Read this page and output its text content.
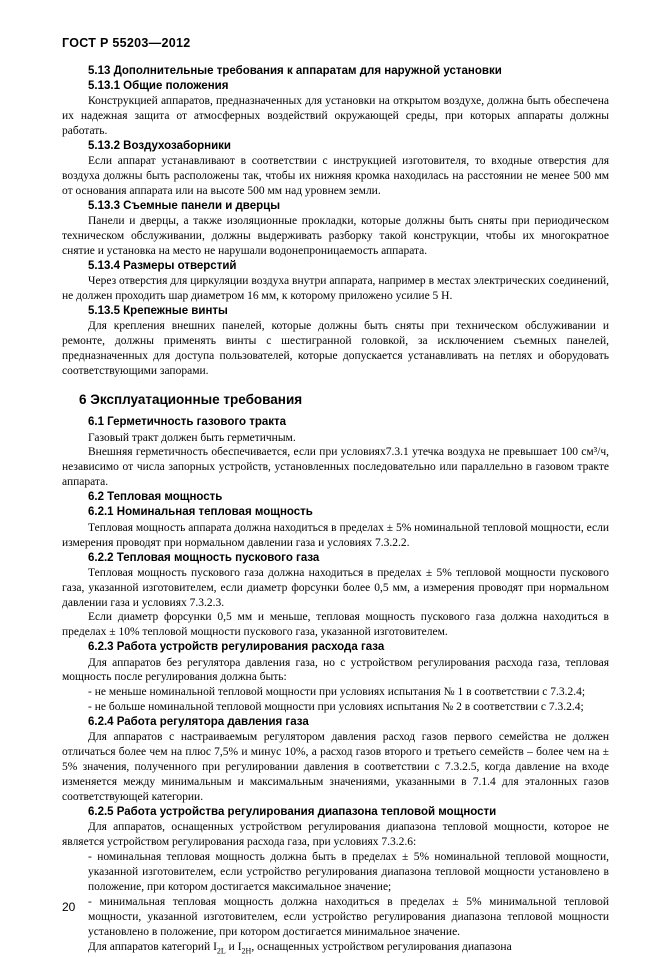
ГОСТ Р 55203—2012
5.13 Дополнительные требования к аппаратам для наружной установки
5.13.1 Общие положения

Конструкцией аппаратов, предназначенных для установки на открытом воздухе, должна быть обеспечена их надежная защита от атмосферных воздействий окружающей среды, при которых аппараты должны работать.

5.13.2 Воздухозаборники

Если аппарат устанавливают в соответствии с инструкцией изготовителя, то входные отверстия для воздуха должны быть расположены так, чтобы их нижняя кромка находилась на расстоянии не менее 500 мм от основания аппарата или на высоте 500 мм над уровнем земли.

5.13.3 Съемные панели и дверцы

Панели и дверцы, а также изоляционные прокладки, которые должны быть сняты при периодическом техническом обслуживании, должны выдерживать разборку такой конструкции, чтобы их многократное снятие и установка на место не нарушали водонепроницаемость аппарата.

5.13.4 Размеры отверстий

Через отверстия для циркуляции воздуха внутри аппарата, например в местах электрических соединений, не должен проходить шар диаметром 16 мм, к которому приложено усилие 5 Н.

5.13.5 Крепежные винты

Для крепления внешних панелей, которые должны быть сняты при техническом обслуживании и ремонте, должны применять винты с шестигранной головкой, за исключением съемных панелей, предназначенных для доступа пользователей, которые допускается устанавливать на петлях и оборудовать соответствующими запорами.

6 Эксплуатационные требования
6.1 Герметичность газового тракта

Газовый тракт должен быть герметичным.

Внешняя герметичность обеспечивается, если при условиях7.3.1 утечка воздуха не превышает 100 см³/ч, независимо от числа запорных устройств, установленных последовательно или параллельно в газовом тракте аппарата.

6.2 Тепловая мощность
6.2.1 Номинальная тепловая мощность

Тепловая мощность аппарата должна находиться в пределах ± 5% номинальной тепловой мощности, если измерения проводят при нормальном давлении газа и условиях 7.3.2.2.

6.2.2 Тепловая мощность пускового газа

Тепловая мощность пускового газа должна находиться в пределах ± 5% тепловой мощности пускового газа, указанной изготовителем, если диаметр форсунки более 0,5 мм, а измерения проводят при нормальном давлении газа и условиях 7.3.2.3.

Если диаметр форсунки 0,5 мм и меньше, тепловая мощность пускового газа должна находиться в пределах ± 10% тепловой мощности пускового газа, указанной изготовителем.

6.2.3 Работа устройств регулирования расхода газа

Для аппаратов без регулятора давления газа, но с устройством регулирования расхода газа, тепловая мощность после регулирования должна быть:

- не меньше номинальной тепловой мощности при условиях испытания № 1 в соответствии с 7.3.2.4;

- не больше номинальной тепловой мощности при условиях испытания № 2 в соответствии с 7.3.2.4;

6.2.4 Работа регулятора давления газа

Для аппаратов с настраиваемым регулятором давления расход газов первого семейства не должен отличаться более чем на плюс 7,5% и минус 10%, а расход газов второго и третьего семейств – более чем на ± 5% значения, полученного при регулировании давления в соответствии с 7.3.2.5, когда давление на входе изменяется между минимальным и максимальным значениями, указанными в 7.1.4 для эталонных газов соответствующей категории.

6.2.5 Работа устройства регулирования диапазона тепловой мощности

Для аппаратов, оснащенных устройством регулирования диапазона тепловой мощности, которое не является устройством регулирования расхода газа, при условиях 7.3.2.6:

- номинальная тепловая мощность должна быть в пределах ± 5% номинальной тепловой мощности, указанной изготовителем, если устройство регулирования диапазона тепловой мощности установлено в положение, при котором достигается максимальное значение;

- минимальная тепловая мощность должна находиться в пределах ± 5% минимальной тепловой мощности, указанной изготовителем, если устройство регулирования диапазона тепловой мощности установлено в положение, при котором достигается минимальное значение.

Для аппаратов категорий $I_{2L}$ и $I_{2Н}$, оснащенных устройством регулирования диапазона

20
